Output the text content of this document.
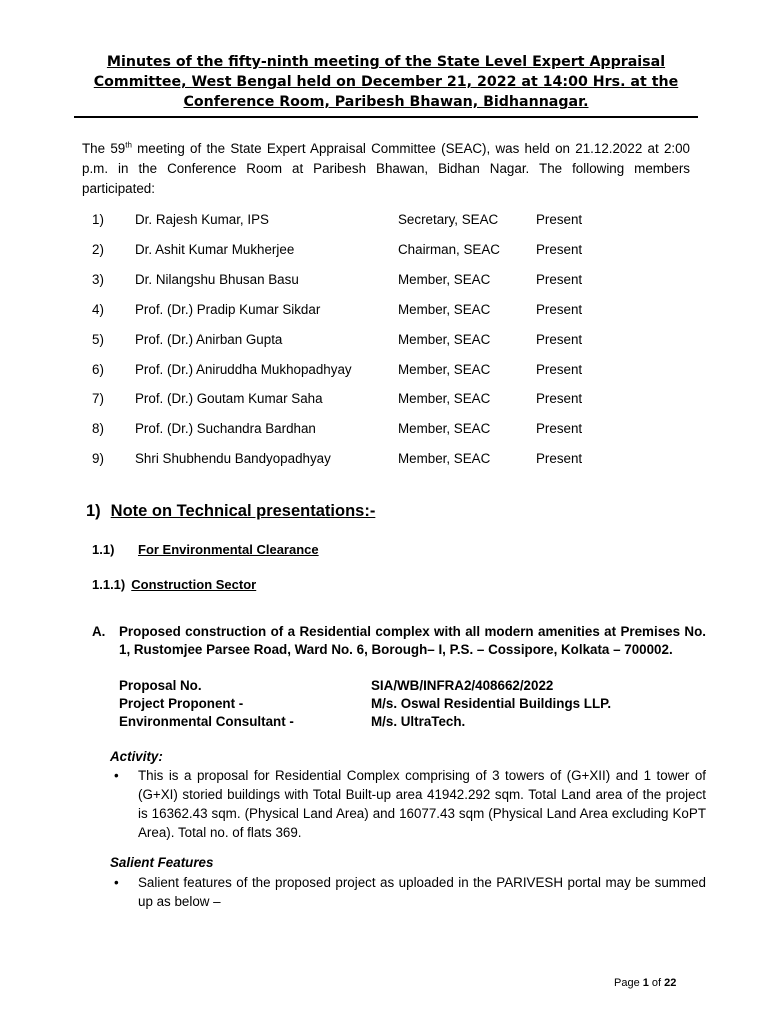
Minutes of the fifty-ninth meeting of the State Level Expert Appraisal Committee, West Bengal held on December 21, 2022 at 14:00 Hrs. at the Conference Room, Paribesh Bhawan, Bidhannagar.
The 59th meeting of the State Expert Appraisal Committee (SEAC), was held on 21.12.2022 at 2:00 p.m. in the Conference Room at Paribesh Bhawan, Bidhan Nagar. The following members participated:
1) Dr. Rajesh Kumar, IPS	Secretary, SEAC	Present
2) Dr. Ashit Kumar Mukherjee	Chairman, SEAC	Present
3) Dr. Nilangshu Bhusan Basu	Member, SEAC	Present
4) Prof. (Dr.) Pradip Kumar Sikdar	Member, SEAC	Present
5) Prof. (Dr.) Anirban Gupta	Member, SEAC	Present
6) Prof. (Dr.) Aniruddha Mukhopadhyay	Member, SEAC	Present
7) Prof. (Dr.) Goutam Kumar Saha	Member, SEAC	Present
8) Prof. (Dr.) Suchandra Bardhan	Member, SEAC	Present
9) Shri Shubhendu Bandyopadhyay	Member, SEAC	Present
1) Note on Technical presentations:-
1.1) For Environmental Clearance
1.1.1) Construction Sector
A. Proposed construction of a Residential complex with all modern amenities at Premises No. 1, Rustomjee Parsee Road, Ward No. 6, Borough– I, P.S. – Cossipore, Kolkata – 700002.
Proposal No.	SIA/WB/INFRA2/408662/2022
Project Proponent -	M/s. Oswal Residential Buildings LLP.
Environmental Consultant -	M/s. UltraTech.
Activity:
• This is a proposal for Residential Complex comprising of 3 towers of (G+XII) and 1 tower of (G+XI) storied buildings with Total Built-up area 41942.292 sqm. Total Land area of the project is 16362.43 sqm. (Physical Land Area) and 16077.43 sqm (Physical Land Area excluding KoPT Area). Total no. of flats 369.
Salient Features
• Salient features of the proposed project as uploaded in the PARIVESH portal may be summed up as below –
Page 1 of 22
